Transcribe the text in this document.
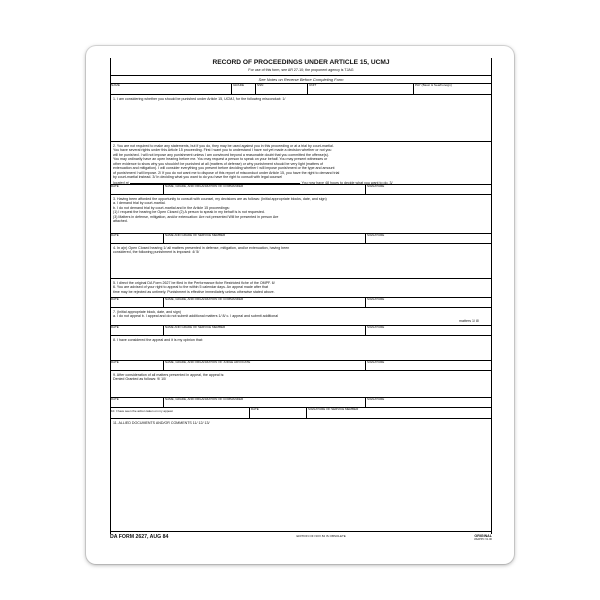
RECORD OF PROCEEDINGS UNDER ARTICLE 15, UCMJ
For use of this form, see AR 27-10; the proponent agency is TJAG
See Notes on Reverse Before Completing Form
NAME	GRADE	SSN	UNIT	PAY (Basic & Sea/Foreign)

1. I am considering whether you should be punished under Article 15, UCMJ, for the following misconduct: 1/

2. You are not required to make any statements, but if you do, they may be used against you in this proceeding or at a trial by court-martial.

You have several rights under this Article 15 proceeding. First I want you to understand I have not yet made a decision whether or not you

will be punished. I will not impose any punishment unless I am convinced beyond a reasonable doubt that you committed the offense(s).

You may ordinarily have an open hearing before me. You may request a person to speak on your behalf. You may present witnesses or

other evidence to show why you shouldn't be punished at all (matters of defense) or why punishment should be very light (matters of

extenuation and mitigation). I will consider everything you present before deciding whether I will impose punishment or the type and amount

of punishment I will impose. 2/ If you do not want me to dispose of this report of misconduct under Article 15, you have the right to demand trial

by court-martial instead. 3/ In deciding what you want to do you have the right to consult with legal counsel

located at	. You now have 48 hours to decide what you want to do. 3/

DATE	NAME, GRADE, AND ORGANIZATION OF COMMANDER	SIGNATURE

3. Having been afforded the opportunity to consult with counsel, my decisions are as follows: (Initial appropriate blocks, date, and sign)

a. I demand trial by court-martial.

b. I do not demand trial by court-martial and in the Article 15 proceedings:

(1) I request the hearing be Open Closed (2) A person to speak in my behalf is is not requested.

(3) Matters in defense, mitigation, and/or extenuation: Are not presented Will be presented in person Are

attached.

DATE	NAME AND GRADE OF SERVICE MEMBER	SIGNATURE

4. In a(n) Open Closed hearing 1/ all matters presented in defense, mitigation, and/or extenuation, having been

considered, the following punishment is imposed: 4/ 5/

5. I direct the original DA Form 2627 be filed in the Performance fiche Restricted fiche of the OMPF. 6/

6. You are advised of your right to appeal to the within 5 calendar days. An appeal made after that

time may be rejected as untimely. Punishment is effective immediately unless otherwise stated above.

DATE	NAME, GRADE, AND ORGANIZATION OF COMMANDER	SIGNATURE

7. (Initial appropriate block, date, and sign)

a. I do not appeal b. I appeal and do not submit additional matters 1/ 8/ c. I appeal and submit additional

matters 1/ 8/

DATE	NAME AND GRADE OF SERVICE MEMBER	SIGNATURE

8. I have considered the appeal and it is my opinion that:

DATE	NAME, GRADE, AND ORGANIZATION OF JUDGE ADVOCATE	SIGNATURE

9. After consideration of all matters presented in appeal, the appeal is:

Denied Granted as follows: 9/ 10/

DATE	NAME, GRADE, AND ORGANIZATION OF COMMANDER	SIGNATURE
10. I have seen the action taken on my appeal.	DATE	SIGNATURE OF SERVICE MEMBER

11. ALLIED DOCUMENTS AND/OR COMMENTS 11/ 12/ 13/

DA FORM 2627, AUG 84	EDITION OF NOV 82 IS OBSOLETE	ORIGINAL
USAPPC V1.00
